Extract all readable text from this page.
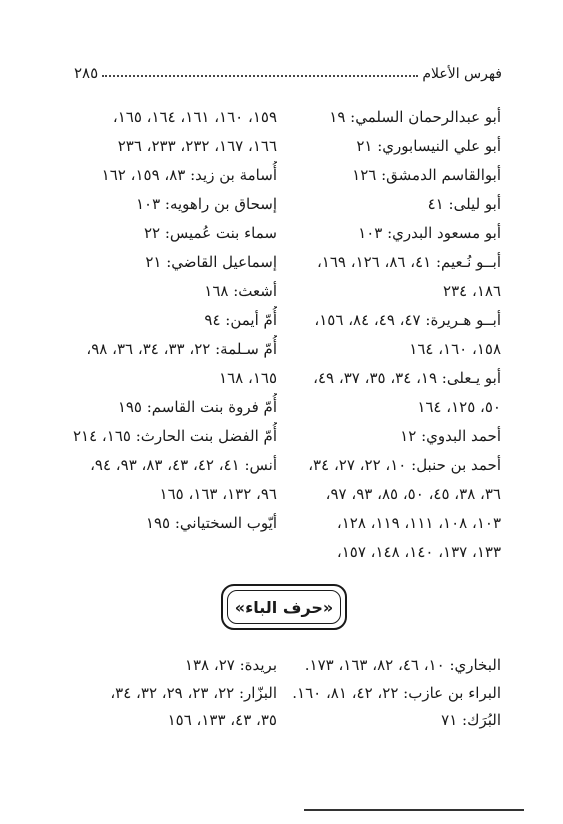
فهرس الأعلام
٢٨٥
أبو عبدالرحمان السلمي: ١٩
أبو علي النيسابوري: ٢١
أبوالقاسم الدمشق: ١٢٦
أبو ليلى: ٤١
أبو مسعود البدري: ١٠٣
أبــو نُـعيم: ٤١، ٨٦، ١٢٦، ١٦٩،
١٨٦، ٢٣٤
أبــو هـريرة: ٤٧، ٤٩، ٨٤، ١٥٦،
١٥٨، ١٦٠، ١٦٤
أبو يـعلى: ١٩، ٣٤، ٣٥، ٣٧، ٤٩،
٥٠، ١٢٥، ١٦٤
أحمد البدوي: ١٢
أحمد بن حنبل: ١٠، ٢٢، ٢٧، ٣٤،
٣٦، ٣٨، ٤٥، ٥٠، ٨٥، ٩٣، ٩٧،
١٠٣، ١٠٨، ١١١، ١١٩، ١٢٨،
١٣٣، ١٣٧، ١٤٠، ١٤٨، ١٥٧،
١٥٩، ١٦٠، ١٦١، ١٦٤، ١٦٥،
١٦٦، ١٦٧، ٢٣٢، ٢٣٣، ٢٣٦
أُسامة بن زيد: ٨٣، ١٥٩، ١٦٢
إسحاق بن راهويه: ١٠٣
سماء بنت عُميس: ٢٢
إسماعيل القاضي: ٢١
أشعث: ١٦٨
أُمّ أيمن: ٩٤
أُمّ سـلمة: ٢٢، ٣٣، ٣٤، ٣٦، ٩٨،
١٦٥، ١٦٨
أُمّ فروة بنت القاسم: ١٩٥
أُمّ الفضل بنت الحارث: ١٦٥، ٢١٤
أنس: ٤١، ٤٢، ٤٣، ٨٣، ٩٣، ٩٤،
٩٦، ١٣٢، ١٦٣، ١٦٥
أيّوب السختياني: ١٩٥
«حرف الباء»
البخاري: ١٠، ٤٦، ٨٢، ١٦٣، ١٧٣.
البراء بن عازب: ٢٢، ٤٢، ٨١، ١٦٠.
البُرَك: ٧١
بريدة: ٢٧، ١٣٨
البزّار: ٢٢، ٢٣، ٢٩، ٣٢، ٣٤،
٣٥، ٤٣، ١٣٣، ١٥٦
